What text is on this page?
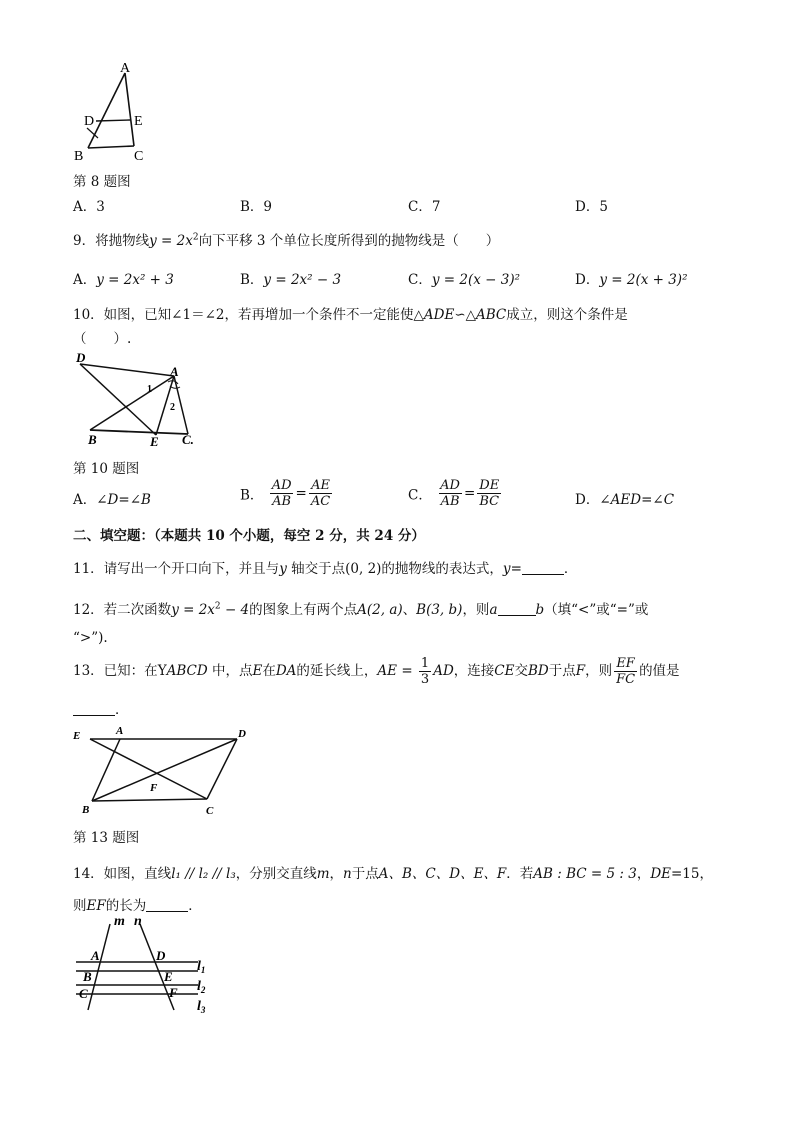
A
D	E
B	C
第 8 题图
A．3	B．9	C．7	D．5
9．将抛物线$y = 2x^2$向下平移 3 个单位长度所得到的抛物线是（　　）
A．y = 2x² + 3	B．y = 2x² − 3	C．y = 2(x − 3)²	D．y = 2(x + 3)²
10．如图，已知∠1＝∠2，若再增加一个条件不一定能使△ADE∽△ABC成立，则这个条件是
（　　）.
D
A
1
2
B	E C.
第 10 题图
A．∠D=∠B	B． $\frac{AD}{AB} = \frac{AE}{AC}$	C． $\frac{AD}{AB} = \frac{DE}{BC}$	D．∠AED=∠C
二、填空题：（本题共 10 个小题，每空 2 分，共 24 分）
11．请写出一个开口向下，并且与y 轴交于点(0, 2)的抛物线的表达式，y=	．
12．若二次函数$y = 2x^2 - 4$的图象上有两个点A(2, a)、B(3, b)，则a	b（填“<”或“=”或
“>”).
13．已知：在YABCD 中，点E在DA的延长线上，AE = $\frac{1}{3}$ AD，连接CE交BD于点F，则 $\frac{EF}{FC}$ 的值是
．
E	A	D
F
B	C
第 13 题图
14．如图，直线l₁ // l₂ // l₃，分别交直线m，n于点A、B、C、D、E、F．若AB : BC = 5 : 3，DE=15，
则EF的长为	．
m n
A	D
B	E
C	F
$l_1$
$l_2$
$l_3$
